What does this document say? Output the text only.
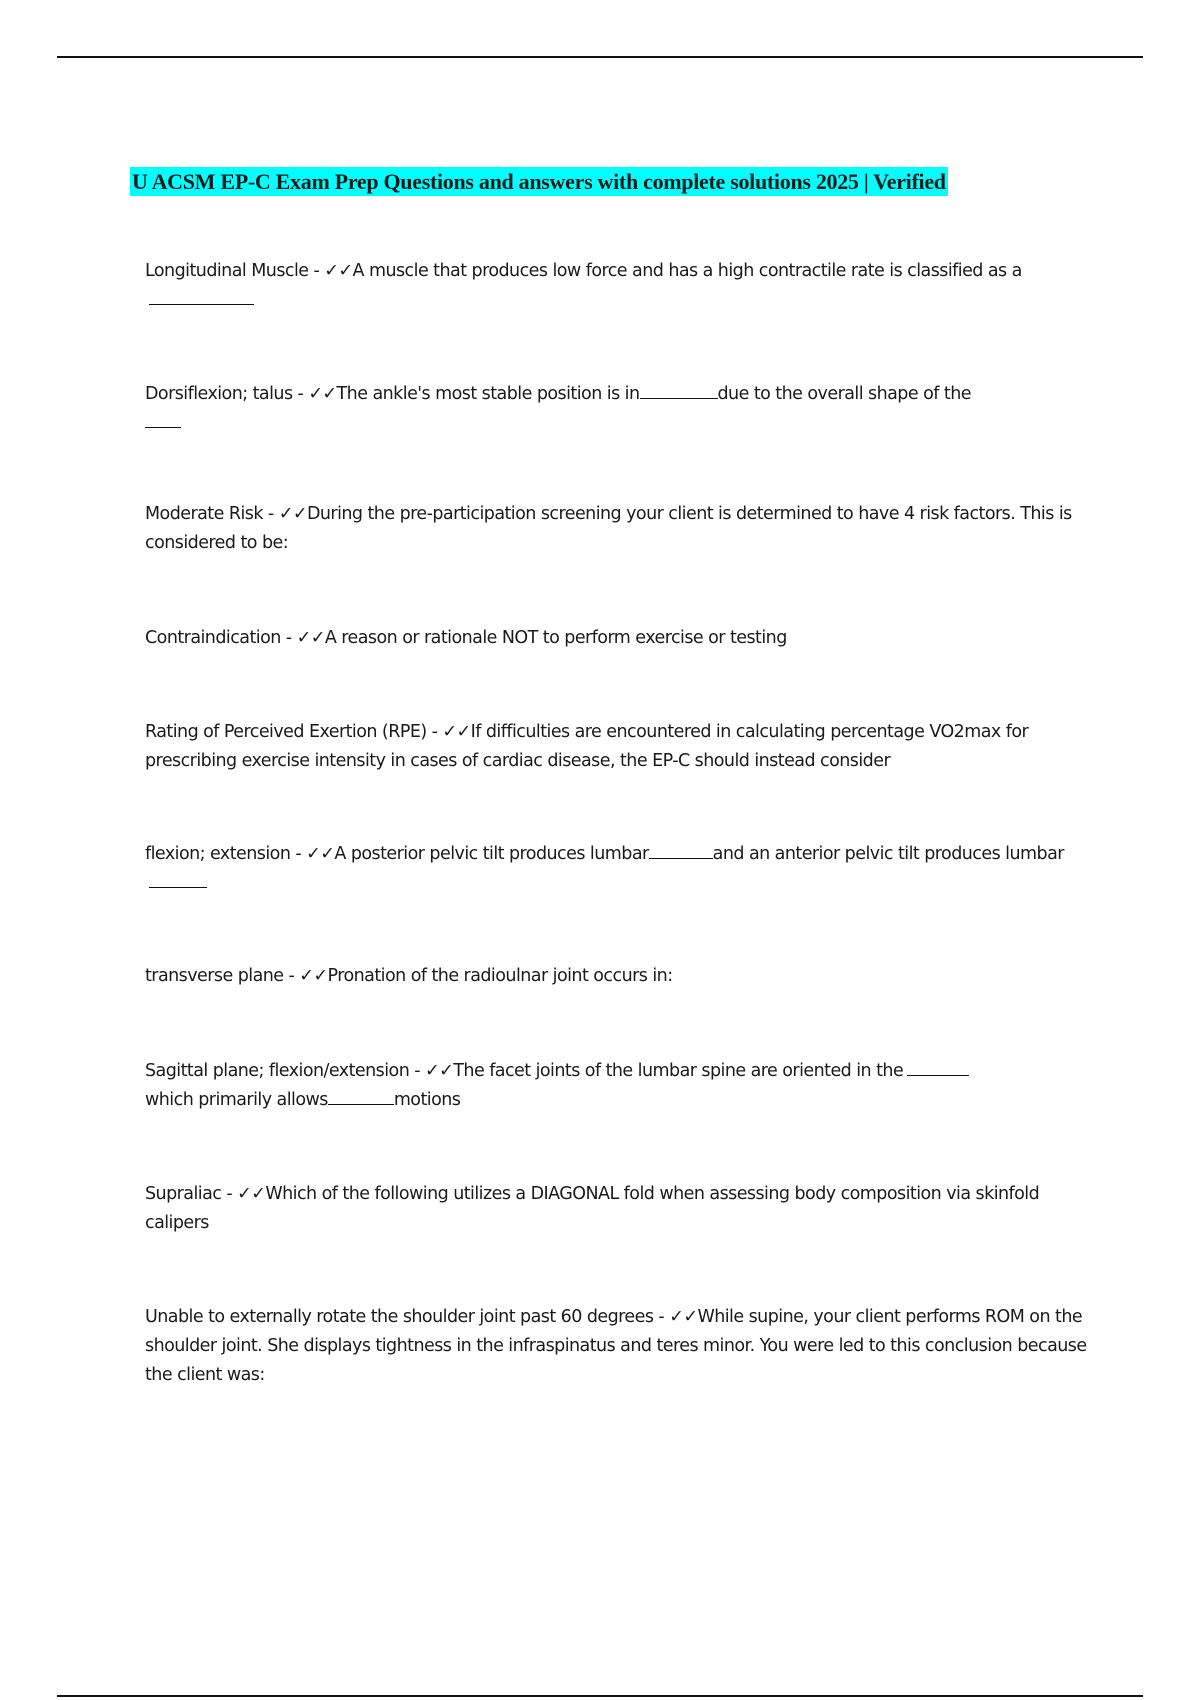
U ACSM EP-C Exam Prep Questions and answers with complete solutions 2025 | Verified

Longitudinal Muscle - ✓✓A muscle that produces low force and has a high contractile rate is classified as a

Dorsiflexion; talus - ✓✓The ankle's most stable position is in	due to the overall shape of the

Moderate Risk - ✓✓During the pre-participation screening your client is determined to have 4 risk factors. This is considered to be:

Contraindication - ✓✓A reason or rationale NOT to perform exercise or testing

Rating of Perceived Exertion (RPE) - ✓✓If difficulties are encountered in calculating percentage VO2max for prescribing exercise intensity in cases of cardiac disease, the EP-C should instead consider

flexion; extension - ✓✓A posterior pelvic tilt produces lumbar	and an anterior pelvic tilt produces lumbar

transverse plane - ✓✓Pronation of the radioulnar joint occurs in:

Sagittal plane; flexion/extension - ✓✓The facet joints of the lumbar spine are oriented in the
which primarily allows	motions

Supraliac - ✓✓Which of the following utilizes a DIAGONAL fold when assessing body composition via skinfold calipers

Unable to externally rotate the shoulder joint past 60 degrees - ✓✓While supine, your client performs ROM on the shoulder joint. She displays tightness in the infraspinatus and teres minor. You were led to this conclusion because the client was:
